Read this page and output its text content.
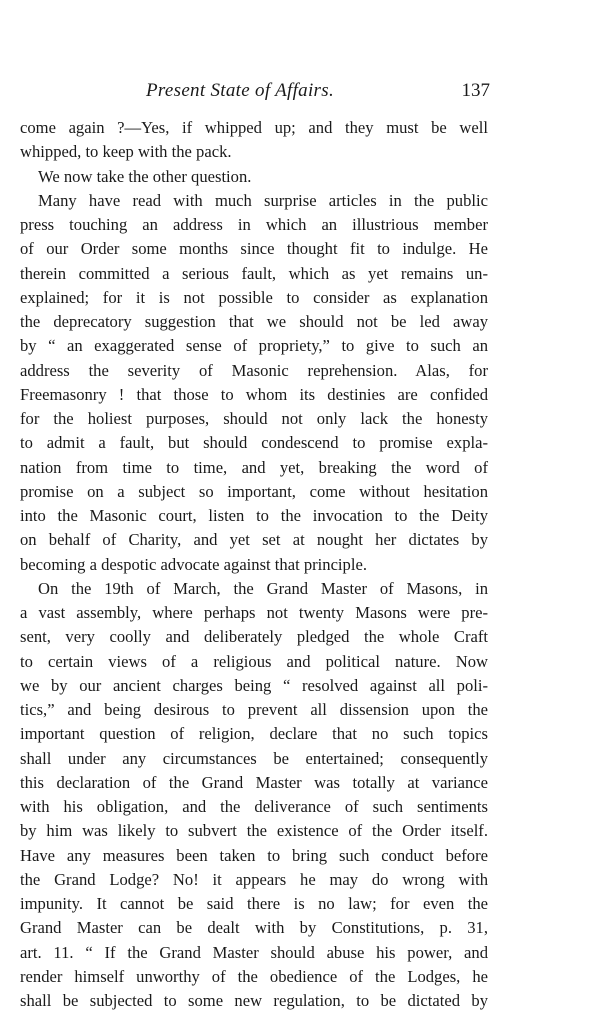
Present State of Affairs.	137
come again ?—Yes, if whipped up; and they must be well
whipped, to keep with the pack.
We now take the other question.
Many have read with much surprise articles in the public
press touching an address in which an illustrious member
of our Order some months since thought fit to indulge. He
therein committed a serious fault, which as yet remains un-
explained; for it is not possible to consider as explanation
the deprecatory suggestion that we should not be led away
by “ an exaggerated sense of propriety,” to give to such an
address the severity of Masonic reprehension. Alas, for
Freemasonry ! that those to whom its destinies are confided
for the holiest purposes, should not only lack the honesty
to admit a fault, but should condescend to promise expla-
nation from time to time, and yet, breaking the word of
promise on a subject so important, come without hesitation
into the Masonic court, listen to the invocation to the Deity
on behalf of Charity, and yet set at nought her dictates by
becoming a despotic advocate against that principle.
On the 19th of March, the Grand Master of Masons, in
a vast assembly, where perhaps not twenty Masons were pre-
sent, very coolly and deliberately pledged the whole Craft
to certain views of a religious and political nature. Now
we by our ancient charges being “ resolved against all poli-
tics,” and being desirous to prevent all dissension upon the
important question of religion, declare that no such topics
shall under any circumstances be entertained; consequently
this declaration of the Grand Master was totally at variance
with his obligation, and the deliverance of such sentiments
by him was likely to subvert the existence of the Order itself.
Have any measures been taken to bring such conduct before
the Grand Lodge? No! it appears he may do wrong with
impunity. It cannot be said there is no law; for even the
Grand Master can be dealt with by Constitutions, p. 31,
art. 11. “ If the Grand Master should abuse his power, and
render himself unworthy of the obedience of the Lodges, he
shall be subjected to some new regulation, to be dictated by
